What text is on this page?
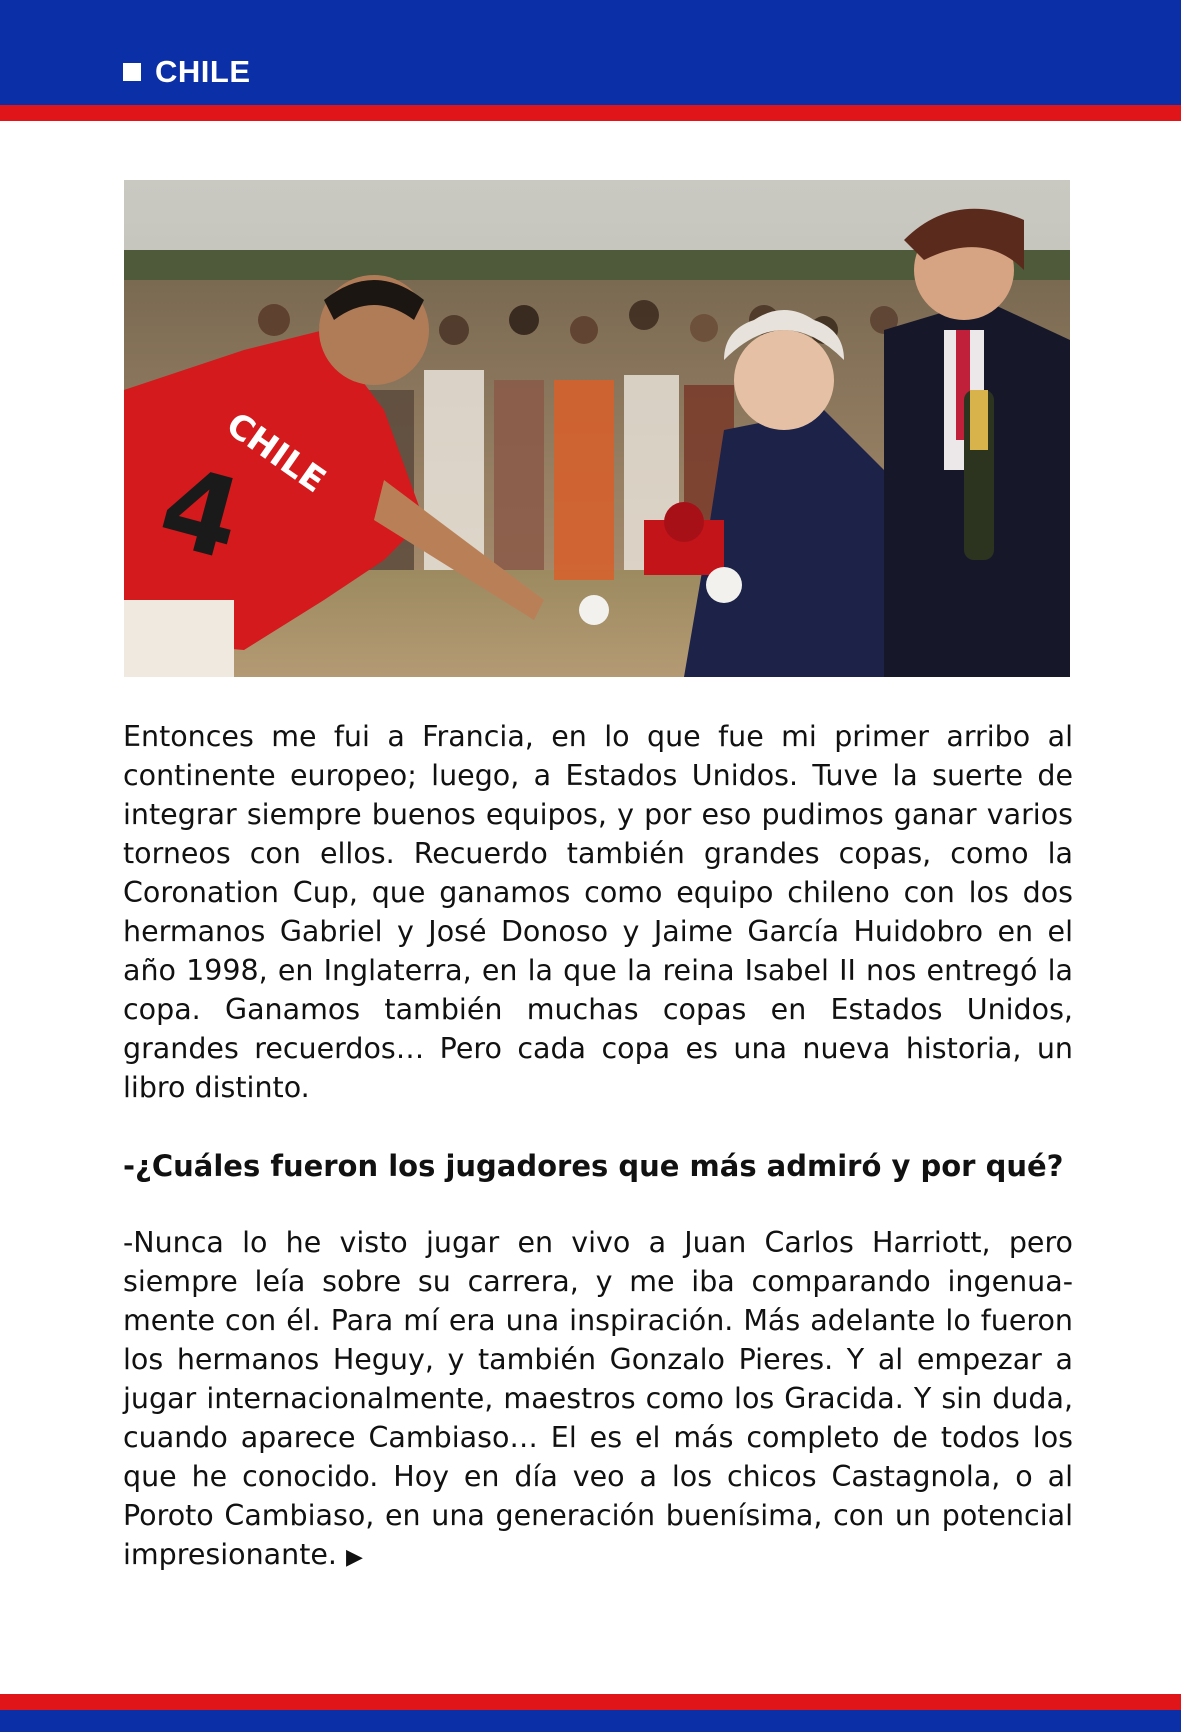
CHILE
CHILE
4
Entonces me fui a Francia, en lo que fue mi primer arribo al continente europeo; luego, a Estados Unidos. Tuve la suerte de integrar siempre buenos equipos, y por eso pudimos ganar varios torneos con ellos. Recuerdo también grandes copas, como la Coronation Cup, que ganamos como equipo chileno con los dos hermanos Gabriel y José Donoso y Jaime García Huidobro en el año 1998, en Inglaterra, en la que la reina Isabel II nos entregó la copa. Ganamos también muchas copas en Estados Unidos, grandes recuerdos… Pero cada copa es una nueva historia, un libro distinto.
-¿Cuáles fueron los jugadores que más admiró y por qué?
-Nunca lo he visto jugar en vivo a Juan Carlos Harriott, pero siempre leía sobre su carrera, y me iba comparando ingenuamente con él. Para mí era una inspiración. Más adelante lo fueron los hermanos Heguy, y también Gonzalo Pieres. Y al empezar a jugar internacionalmente, maestros como los Gracida. Y sin duda, cuando aparece Cambiaso… El es el más completo de todos los que he conocido. Hoy en día veo a los chicos Castagnola, o al Poroto Cambiaso, en una generación buenísima, con un potencial impresionante. ▶
